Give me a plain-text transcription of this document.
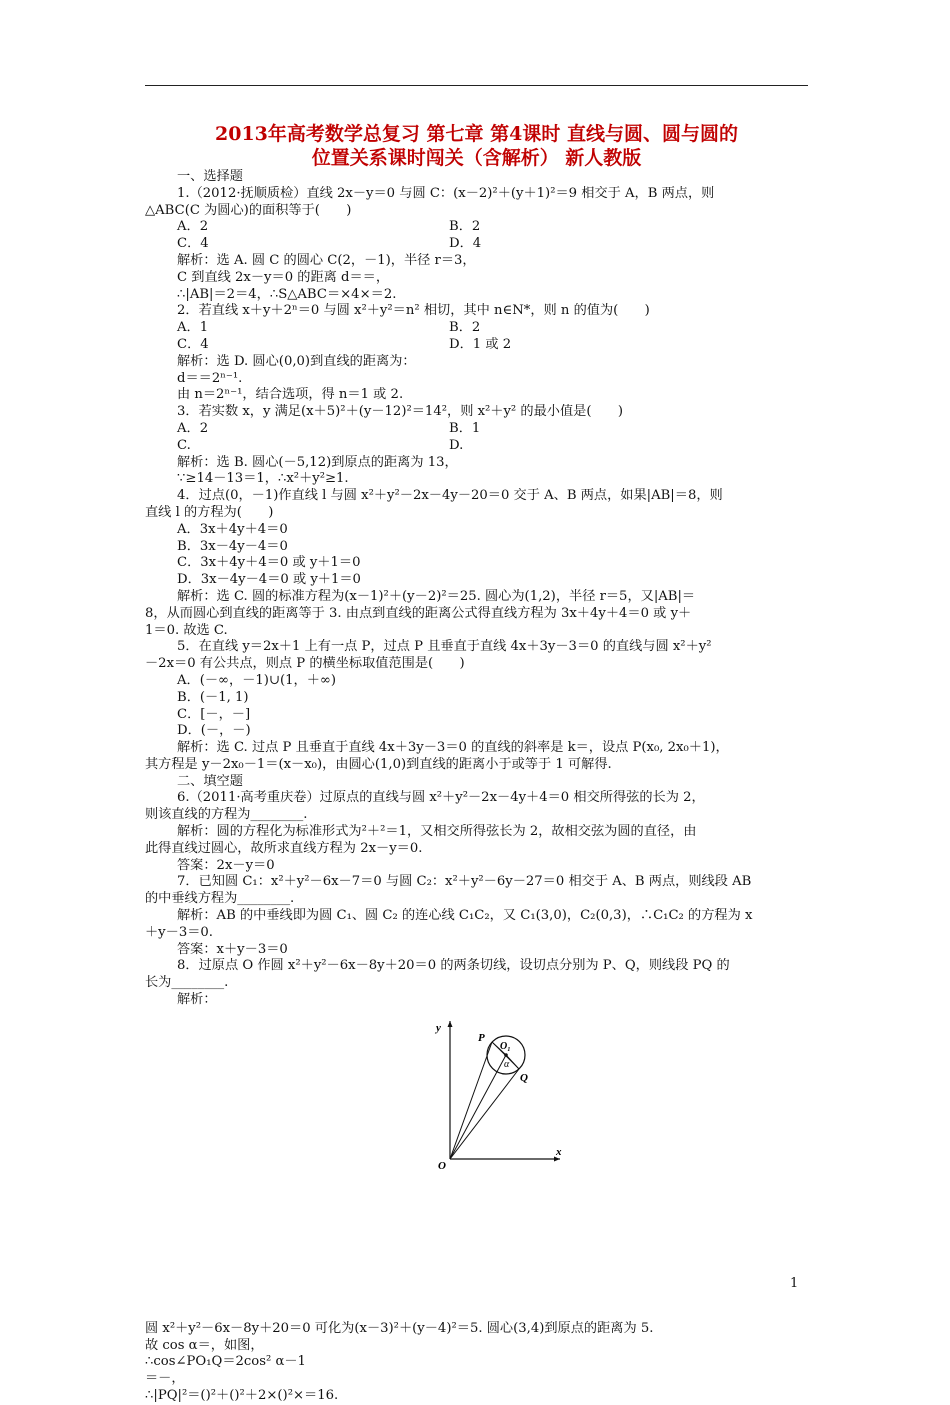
2013年高考数学总复习 第七章 第4课时 直线与圆、圆与圆的
位置关系课时闯关（含解析） 新人教版
一、选择题
1.（2012·抚顺质检）直线 2x－y＝0 与圆 C：(x－2)²＋(y＋1)²＝9 相交于 A，B 两点，则
△ABC(C 为圆心)的面积等于(　　)
A．2	B．2
C．4	D．4
解析：选 A. 圆 C 的圆心 C(2，－1)，半径 r＝3，
C 到直线 2x－y＝0 的距离 d＝＝，
∴|AB|＝2＝4，∴S△ABC＝×4×＝2.
2．若直线 x＋y＋2ⁿ＝0 与圆 x²＋y²＝n² 相切，其中 n∈N*，则 n 的值为(　　)
A．1	B．2
C．4	D．1 或 2
解析：选 D. 圆心(0,0)到直线的距离为：
d＝＝2ⁿ⁻¹.
由 n＝2ⁿ⁻¹，结合选项，得 n＝1 或 2.
3．若实数 x，y 满足(x＋5)²＋(y－12)²＝14²，则 x²＋y² 的最小值是(　　)
A．2	B．1
C.	D.
解析：选 B. 圆心(－5,12)到原点的距离为 13，
∵≥14－13＝1，∴x²＋y²≥1.
4．过点(0，－1)作直线 l 与圆 x²＋y²－2x－4y－20＝0 交于 A、B 两点，如果|AB|＝8，则
直线 l 的方程为(　　)
A．3x＋4y＋4＝0
B．3x－4y－4＝0
C．3x＋4y＋4＝0 或 y＋1＝0
D．3x－4y－4＝0 或 y＋1＝0
解析：选 C. 圆的标准方程为(x－1)²＋(y－2)²＝25. 圆心为(1,2)，半径 r＝5，又|AB|＝
8，从而圆心到直线的距离等于 3. 由点到直线的距离公式得直线方程为 3x＋4y＋4＝0 或 y＋
1＝0. 故选 C.
5．在直线 y＝2x＋1 上有一点 P，过点 P 且垂直于直线 4x＋3y－3＝0 的直线与圆 x²＋y²
－2x＝0 有公共点，则点 P 的横坐标取值范围是(　　)
A．(－∞，－1)∪(1，＋∞)
B．(－1, 1)
C．[－，－]
D．(－，－)
解析：选 C. 过点 P 且垂直于直线 4x＋3y－3＝0 的直线的斜率是 k＝，设点 P(x₀, 2x₀＋1)，
其方程是 y－2x₀－1＝(x－x₀)，由圆心(1,0)到直线的距离小于或等于 1 可解得.
二、填空题
6.（2011·高考重庆卷）过原点的直线与圆 x²＋y²－2x－4y＋4＝0 相交所得弦的长为 2，
则该直线的方程为________.
解析：圆的方程化为标准形式为²＋²＝1，又相交所得弦长为 2，故相交弦为圆的直径，由
此得直线过圆心，故所求直线方程为 2x－y＝0.
答案：2x－y＝0
7．已知圆 C₁：x²＋y²－6x－7＝0 与圆 C₂：x²＋y²－6y－27＝0 相交于 A、B 两点，则线段 AB
的中垂线方程为________.
解析：AB 的中垂线即为圆 C₁、圆 C₂ 的连心线 C₁C₂，又 C₁(3,0)，C₂(0,3)，∴C₁C₂ 的方程为 x
＋y－3＝0.
答案：x＋y－3＝0
8．过原点 O 作圆 x²＋y²－6x－8y＋20＝0 的两条切线，设切点分别为 P、Q，则线段 PQ 的
长为________.
解析：
y
x
O
P
Q
O₁
α
圆 x²＋y²－6x－8y＋20＝0 可化为(x－3)²＋(y－4)²＝5. 圆心(3,4)到原点的距离为 5.
故 cos α＝，如图，
∴cos∠PO₁Q＝2cos² α－1
＝－，
∴|PQ|²＝()²＋()²＋2×()²×＝16.
1
